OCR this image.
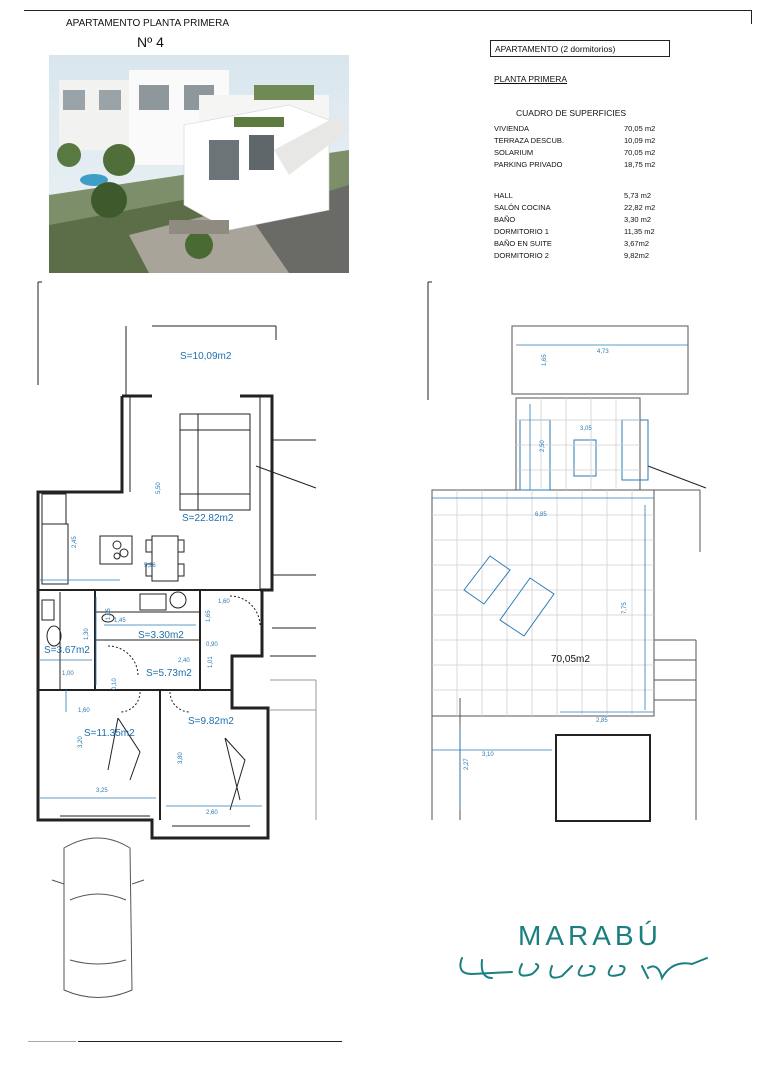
APARTAMENTO PLANTA PRIMERA
Nº 4	APARTAMENTO (2 dormitorios)
PLANTA PRIMERA
CUADRO DE SUPERFICIES
VIVIENDA	70,05 m2
TERRAZA DESCUB.	10,09 m2
SOLARIUM	70,05 m2
PARKING PRIVADO	18,75 m2
HALL	5,73 m2
SALÓN COCINA	22,82 m2
BAÑO	3,30 m2
DORMITORIO 1	11,35 m2
BAÑO EN SUITE	3,67m2
DORMITORIO 2	9,82m2
S=10,09m2
S=22.82m2
S=3.30m2
S=3.67m2
S=5.73m2
S=11.35m2
S=9.82m2
5,50
2,45
5,26
1,45
1,05	1,65
1,60
1,30
1,00
2,40
0,90
1,01
1,60
3,20
3,25
3,80
2,60
0,10
70,05m2
1,65
4,73
2,50
3,05
6,85
7,75
2,85
3,10
2,27
MARABÚ
